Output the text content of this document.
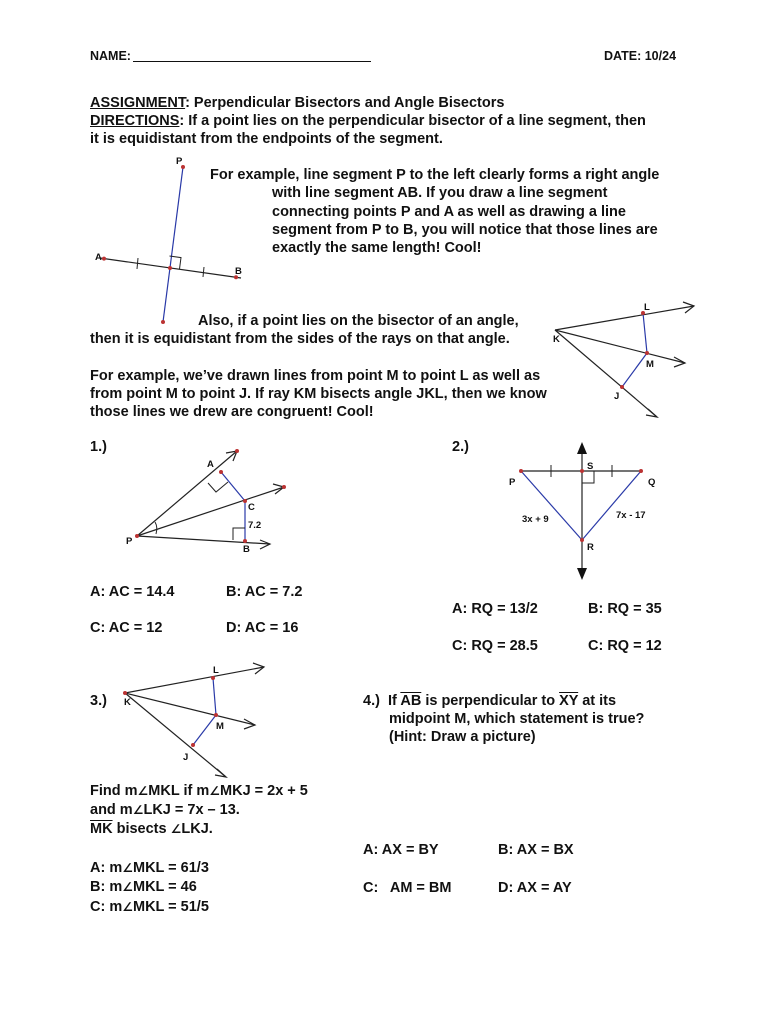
NAME:	DATE: 10/24
ASSIGNMENT: Perpendicular Bisectors and Angle Bisectors
DIRECTIONS: If a point lies on the perpendicular bisector of a line segment, then
it is equidistant from the endpoints of the segment.
For example, line segment P to the left clearly forms a right angle
with line segment AB. If you draw a line segment
connecting points P and A as well as drawing a line
segment from P to B, you will notice that those lines are
exactly the same length! Cool!
P
A
B
Also, if a point lies on the bisector of an angle,
then it is equidistant from the sides of the rays on that angle.
For example, we’ve drawn lines from point M to point L as well as
from point M to point J. If ray KM bisects angle JKL, then we know
those lines we drew are congruent! Cool!
L
K
M
J
1.)
A
C
7.2
P
B
A: AC = 14.4	B: AC = 7.2
C: AC = 12	D: AC = 16
2.)
S
P	Q
3x + 9	7x - 17
R
A: RQ = 13/2	B: RQ = 35
C: RQ = 28.5	C: RQ = 12
3.)
L
K
M
J
Find m∠MKL if m∠MKJ = 2x + 5
and m∠LKJ = 7x – 13.
$\overline{MK}$ bisects ∠LKJ.
A: m∠MKL = 61/3
B: m∠MKL = 46
C: m∠MKL = 51/5
4.) If $\overline{AB}$ is perpendicular to $\overline{XY}$ at its
midpoint M, which statement is true?
(Hint: Draw a picture)
A: AX = BY	B: AX = BX
C:   AM = BM	D: AX = AY
